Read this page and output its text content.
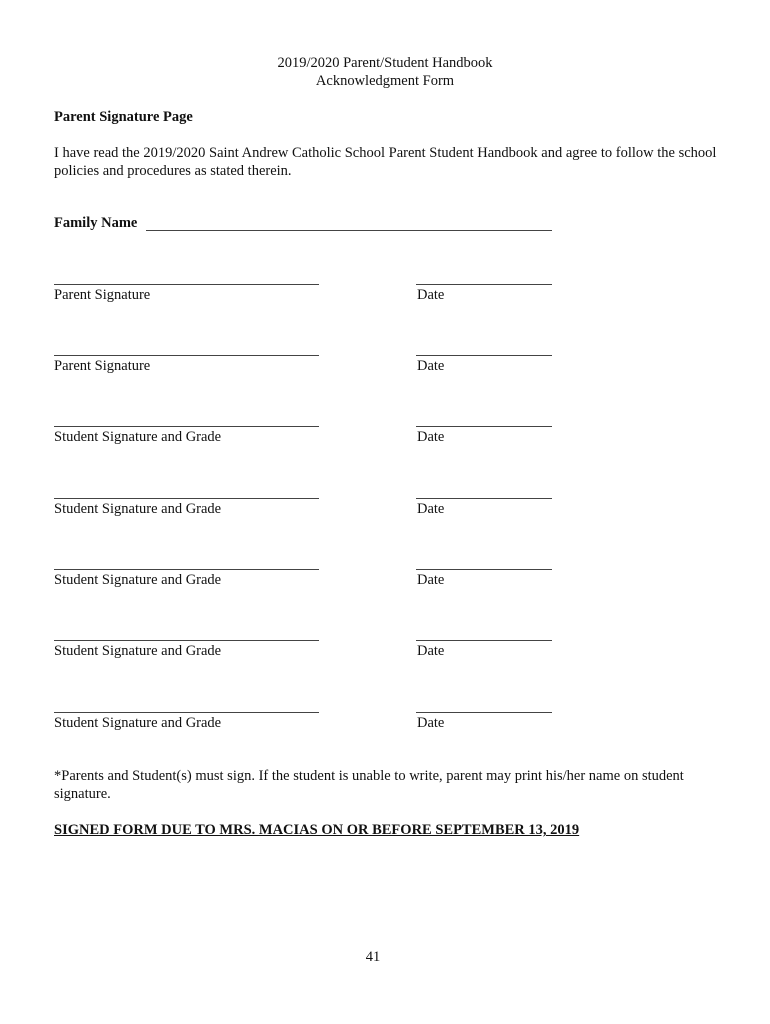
2019/2020 Parent/Student Handbook
Acknowledgment Form
Parent Signature Page
I have read the 2019/2020 Saint Andrew Catholic School Parent Student Handbook and agree to follow the school policies and procedures as stated therein.
Family Name
Parent Signature	Date
Parent Signature	Date
Student Signature and Grade	Date
Student Signature and Grade	Date
Student Signature and Grade	Date
Student Signature and Grade	Date
Student Signature and Grade	Date
*Parents and Student(s) must sign. If the student is unable to write, parent may print his/her name on student signature.
SIGNED FORM DUE TO MRS. MACIAS ON OR BEFORE SEPTEMBER 13, 2019
41
